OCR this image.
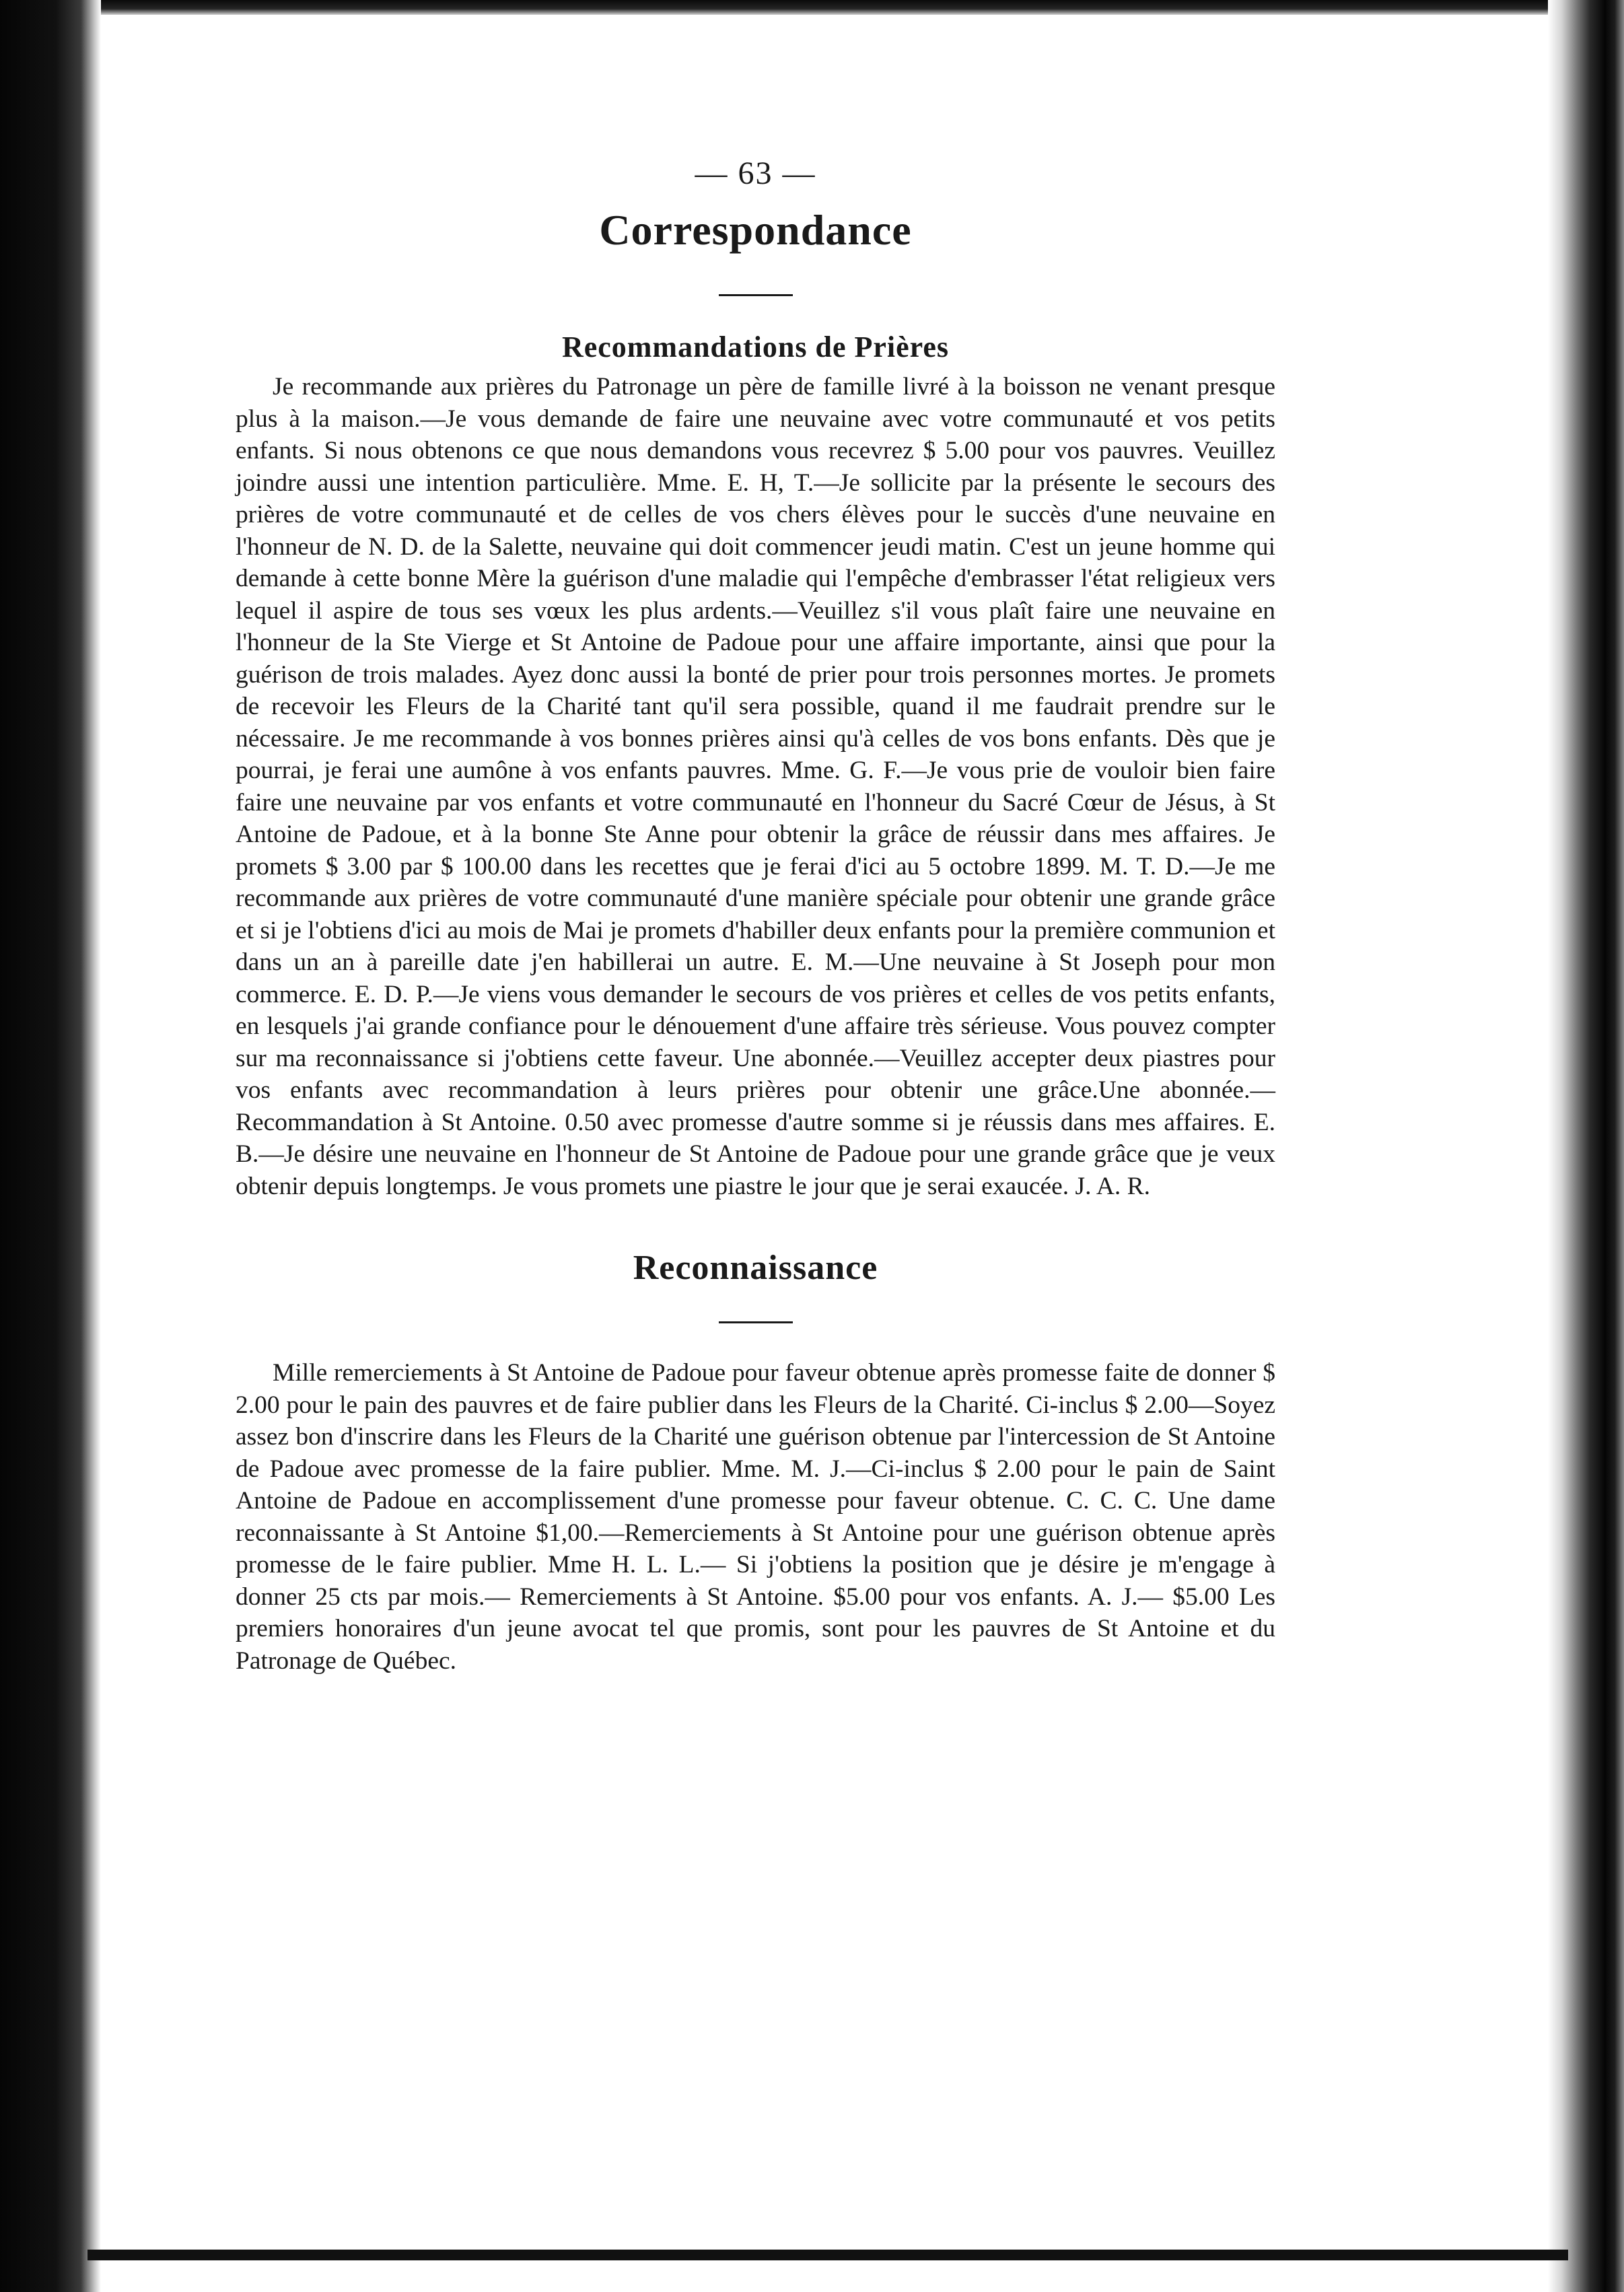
— 63 —
Correspondance
Recommandations de Prières

Je recommande aux prières du Patronage un père de famille livré à la boisson ne venant presque plus à la maison.—Je vous demande de faire une neuvaine avec votre communauté et vos petits enfants. Si nous obtenons ce que nous demandons vous recevrez $ 5.00 pour vos pauvres. Veuillez joindre aussi une intention particulière. Mme. E. H, T.—Je sollicite par la présente le secours des prières de votre communauté et de celles de vos chers élèves pour le succès d'une neuvaine en l'honneur de N. D. de la Salette, neuvaine qui doit commencer jeudi matin. C'est un jeune homme qui demande à cette bonne Mère la guérison d'une maladie qui l'empêche d'embrasser l'état religieux vers lequel il aspire de tous ses vœux les plus ardents.—Veuillez s'il vous plaît faire une neuvaine en l'honneur de la Ste Vierge et St Antoine de Padoue pour une affaire importante, ainsi que pour la guérison de trois malades. Ayez donc aussi la bonté de prier pour trois personnes mortes. Je promets de recevoir les Fleurs de la Charité tant qu'il sera possible, quand il me faudrait prendre sur le nécessaire. Je me recommande à vos bonnes prières ainsi qu'à celles de vos bons enfants. Dès que je pourrai, je ferai une aumône à vos enfants pauvres. Mme. G. F.—Je vous prie de vouloir bien faire faire une neuvaine par vos enfants et votre communauté en l'honneur du Sacré Cœur de Jésus, à St Antoine de Padoue, et à la bonne Ste Anne pour obtenir la grâce de réussir dans mes affaires. Je promets $ 3.00 par $ 100.00 dans les recettes que je ferai d'ici au 5 octobre 1899. M. T. D.—Je me recommande aux prières de votre communauté d'une manière spéciale pour obtenir une grande grâce et si je l'obtiens d'ici au mois de Mai je promets d'habiller deux enfants pour la première communion et dans un an à pareille date j'en habillerai un autre. E. M.—Une neuvaine à St Joseph pour mon commerce. E. D. P.—Je viens vous demander le secours de vos prières et celles de vos petits enfants, en lesquels j'ai grande confiance pour le dénouement d'une affaire très sérieuse. Vous pouvez compter sur ma reconnaissance si j'obtiens cette faveur. Une abonnée.—Veuillez accepter deux piastres pour vos enfants avec recommandation à leurs prières pour obtenir une grâce.Une abonnée.— Recommandation à St Antoine. 0.50 avec promesse d'autre somme si je réussis dans mes affaires. E. B.—Je désire une neuvaine en l'honneur de St Antoine de Padoue pour une grande grâce que je veux obtenir depuis longtemps. Je vous promets une piastre le jour que je serai exaucée. J. A. R.

Reconnaissance

Mille remerciements à St Antoine de Padoue pour faveur obtenue après promesse faite de donner $ 2.00 pour le pain des pauvres et de faire publier dans les Fleurs de la Charité. Ci-inclus $ 2.00—Soyez assez bon d'inscrire dans les Fleurs de la Charité une guérison obtenue par l'intercession de St Antoine de Padoue avec promesse de la faire publier. Mme. M. J.—Ci-inclus $ 2.00 pour le pain de Saint Antoine de Padoue en accomplissement d'une promesse pour faveur obtenue. C. C. C. Une dame reconnaissante à St Antoine $1,00.—Remerciements à St Antoine pour une guérison obtenue après promesse de le faire publier. Mme H. L. L.— Si j'obtiens la position que je désire je m'engage à donner 25 cts par mois.— Remerciements à St Antoine. $5.00 pour vos enfants. A. J.— $5.00 Les premiers honoraires d'un jeune avocat tel que promis, sont pour les pauvres de St Antoine et du Patronage de Québec.
